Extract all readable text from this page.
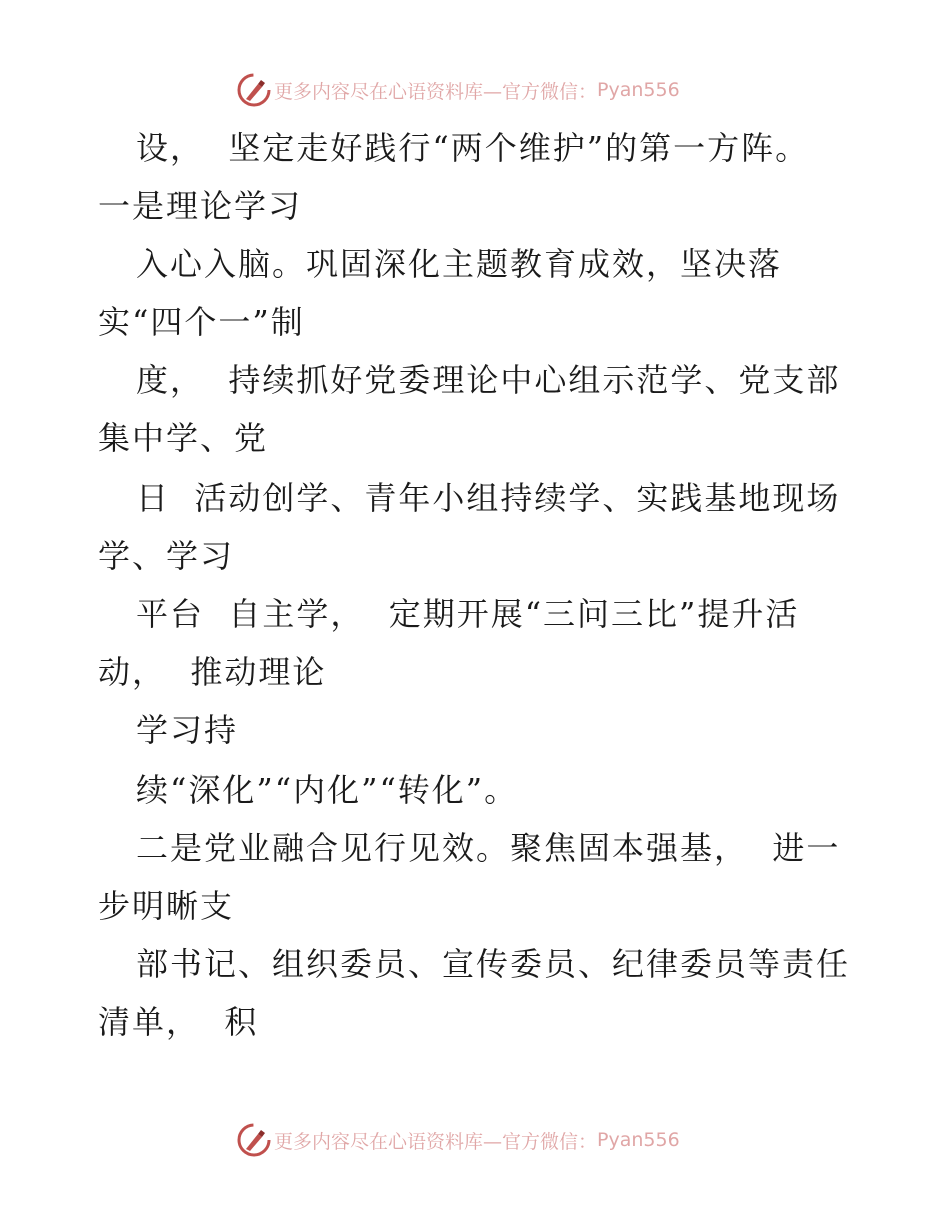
更多内容尽在心语资料库—官方微信： Pyan556
设，  坚定走好践行“两个维护”的第一方阵。
一是理论学习
入心入脑。巩固深化主题教育成效，坚决落
实“四个一”制
度，  持续抓好党委理论中心组示范学、党支部
集中学、党
日  活动创学、青年小组持续学、实践基地现场
学、学习
平台  自主学，  定期开展“三问三比”提升活
动，  推动理论
学习持
续“深化”“内化”“转化”。
二是党业融合见行见效。聚焦固本强基，  进一
步明晰支
部书记、组织委员、宣传委员、纪律委员等责任
清单，  积
更多内容尽在心语资料库—官方微信： Pyan556
